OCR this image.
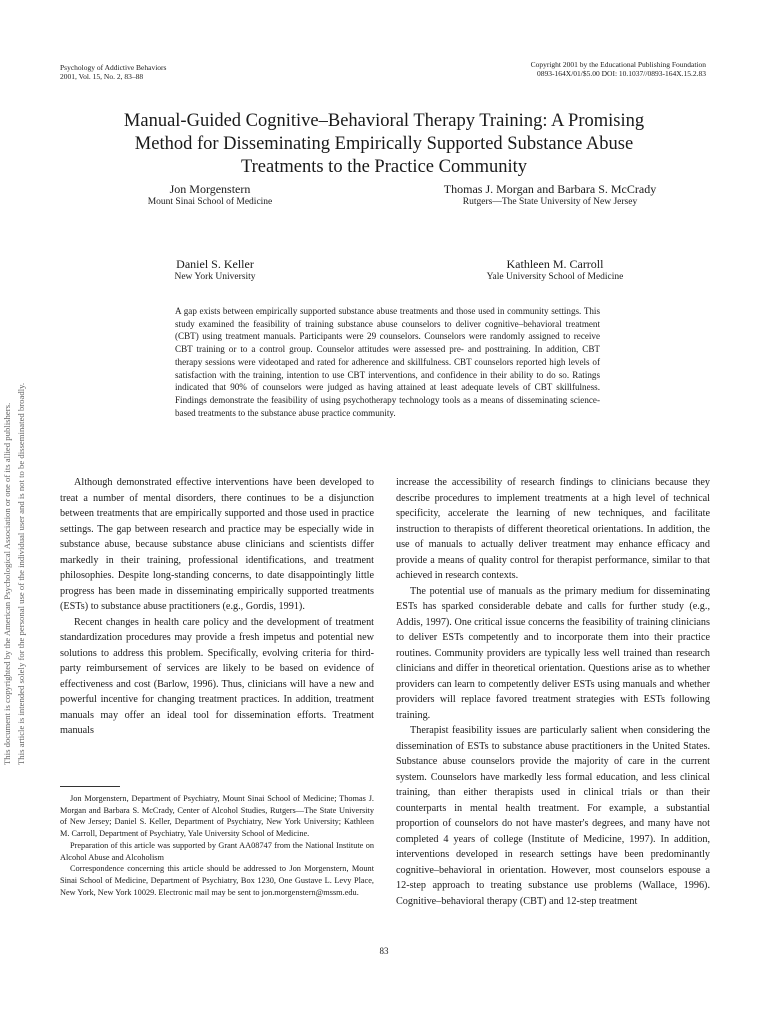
Psychology of Addictive Behaviors
2001, Vol. 15, No. 2, 83–88
Copyright 2001 by the Educational Publishing Foundation
0893-164X/01/$5.00 DOI: 10.1037//0893-164X.15.2.83
Manual-Guided Cognitive–Behavioral Therapy Training: A Promising
Method for Disseminating Empirically Supported Substance Abuse
Treatments to the Practice Community
Jon Morgenstern
Mount Sinai School of Medicine
Thomas J. Morgan and Barbara S. McCrady
Rutgers—The State University of New Jersey
Daniel S. Keller
New York University
Kathleen M. Carroll
Yale University School of Medicine
A gap exists between empirically supported substance abuse treatments and those used in community settings. This study examined the feasibility of training substance abuse counselors to deliver cognitive–behavioral treatment (CBT) using treatment manuals. Participants were 29 counselors. Counselors were randomly assigned to receive CBT training or to a control group. Counselor attitudes were assessed pre- and posttraining. In addition, CBT therapy sessions were videotaped and rated for adherence and skillfulness. CBT counselors reported high levels of satisfaction with the training, intention to use CBT interventions, and confidence in their ability to do so. Ratings indicated that 90% of counselors were judged as having attained at least adequate levels of CBT skillfulness. Findings demonstrate the feasibility of using psychotherapy technology tools as a means of disseminating science-based treatments to the substance abuse practice community.

Although demonstrated effective interventions have been developed to treat a number of mental disorders, there continues to be a disjunction between treatments that are empirically supported and those used in practice settings. The gap between research and practice may be especially wide in substance abuse, because substance abuse clinicians and scientists differ markedly in their training, professional identifications, and treatment philosophies. Despite long-standing concerns, to date disappointingly little progress has been made in disseminating empirically supported treatments (ESTs) to substance abuse practitioners (e.g., Gordis, 1991).

Recent changes in health care policy and the development of treatment standardization procedures may provide a fresh impetus and potential new solutions to address this problem. Specifically, evolving criteria for third-party reimbursement of services are likely to be based on evidence of effectiveness and cost (Barlow, 1996). Thus, clinicians will have a new and powerful incentive for changing treatment practices. In addition, treatment manuals may offer an ideal tool for dissemination efforts. Treatment manuals

Jon Morgenstern, Department of Psychiatry, Mount Sinai School of Medicine; Thomas J. Morgan and Barbara S. McCrady, Center of Alcohol Studies, Rutgers—The State University of New Jersey; Daniel S. Keller, Department of Psychiatry, New York University; Kathleen M. Carroll, Department of Psychiatry, Yale University School of Medicine.

Preparation of this article was supported by Grant AA08747 from the National Institute on Alcohol Abuse and Alcoholism

Correspondence concerning this article should be addressed to Jon Morgenstern, Mount Sinai School of Medicine, Department of Psychiatry, Box 1230, One Gustave L. Levy Place, New York, New York 10029. Electronic mail may be sent to jon.morgenstern@mssm.edu.

increase the accessibility of research findings to clinicians because they describe procedures to implement treatments at a high level of technical specificity, accelerate the learning of new techniques, and facilitate instruction to therapists of different theoretical orientations. In addition, the use of manuals to actually deliver treatment may enhance efficacy and provide a means of quality control for therapist performance, similar to that achieved in research contexts.

The potential use of manuals as the primary medium for disseminating ESTs has sparked considerable debate and calls for further study (e.g., Addis, 1997). One critical issue concerns the feasibility of training clinicians to deliver ESTs competently and to incorporate them into their practice routines. Community providers are typically less well trained than research clinicians and differ in theoretical orientation. Questions arise as to whether providers can learn to competently deliver ESTs using manuals and whether providers will replace favored treatment strategies with ESTs following training.

Therapist feasibility issues are particularly salient when considering the dissemination of ESTs to substance abuse practitioners in the United States. Substance abuse counselors provide the majority of care in the current system. Counselors have markedly less formal education, and less clinical training, than either therapists used in clinical trials or than their counterparts in mental health treatment. For example, a substantial proportion of counselors do not have master's degrees, and many have not completed 4 years of college (Institute of Medicine, 1997). In addition, interventions developed in research settings have been predominantly cognitive–behavioral in orientation. However, most counselors espouse a 12-step approach to treating substance use problems (Wallace, 1996). Cognitive–behavioral therapy (CBT) and 12-step treatment

83
This document is copyrighted by the American Psychological Association or one of its allied publishers. This article is intended solely for the personal use of the individual user and is not to be disseminated broadly.
